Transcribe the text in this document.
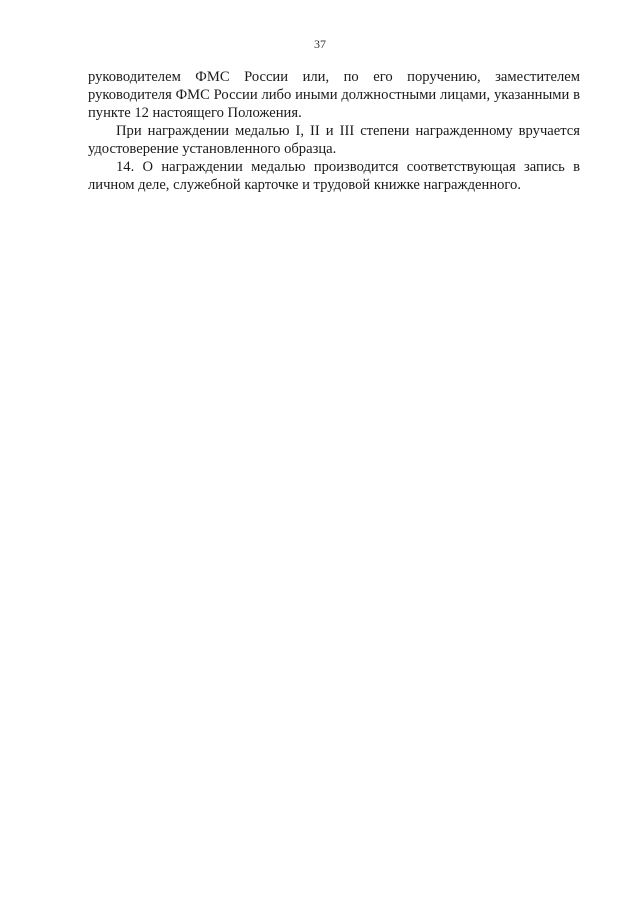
37

руководителем ФМС России или, по его поручению, заместителем руководителя ФМС России либо иными должностными лицами, указанными в пункте 12 настоящего Положения.

При награждении медалью I, II и III степени награжденному вручается удостоверение установленного образца.

14. О награждении медалью производится соответствующая запись в личном деле, служебной карточке и трудовой книжке награжденного.
